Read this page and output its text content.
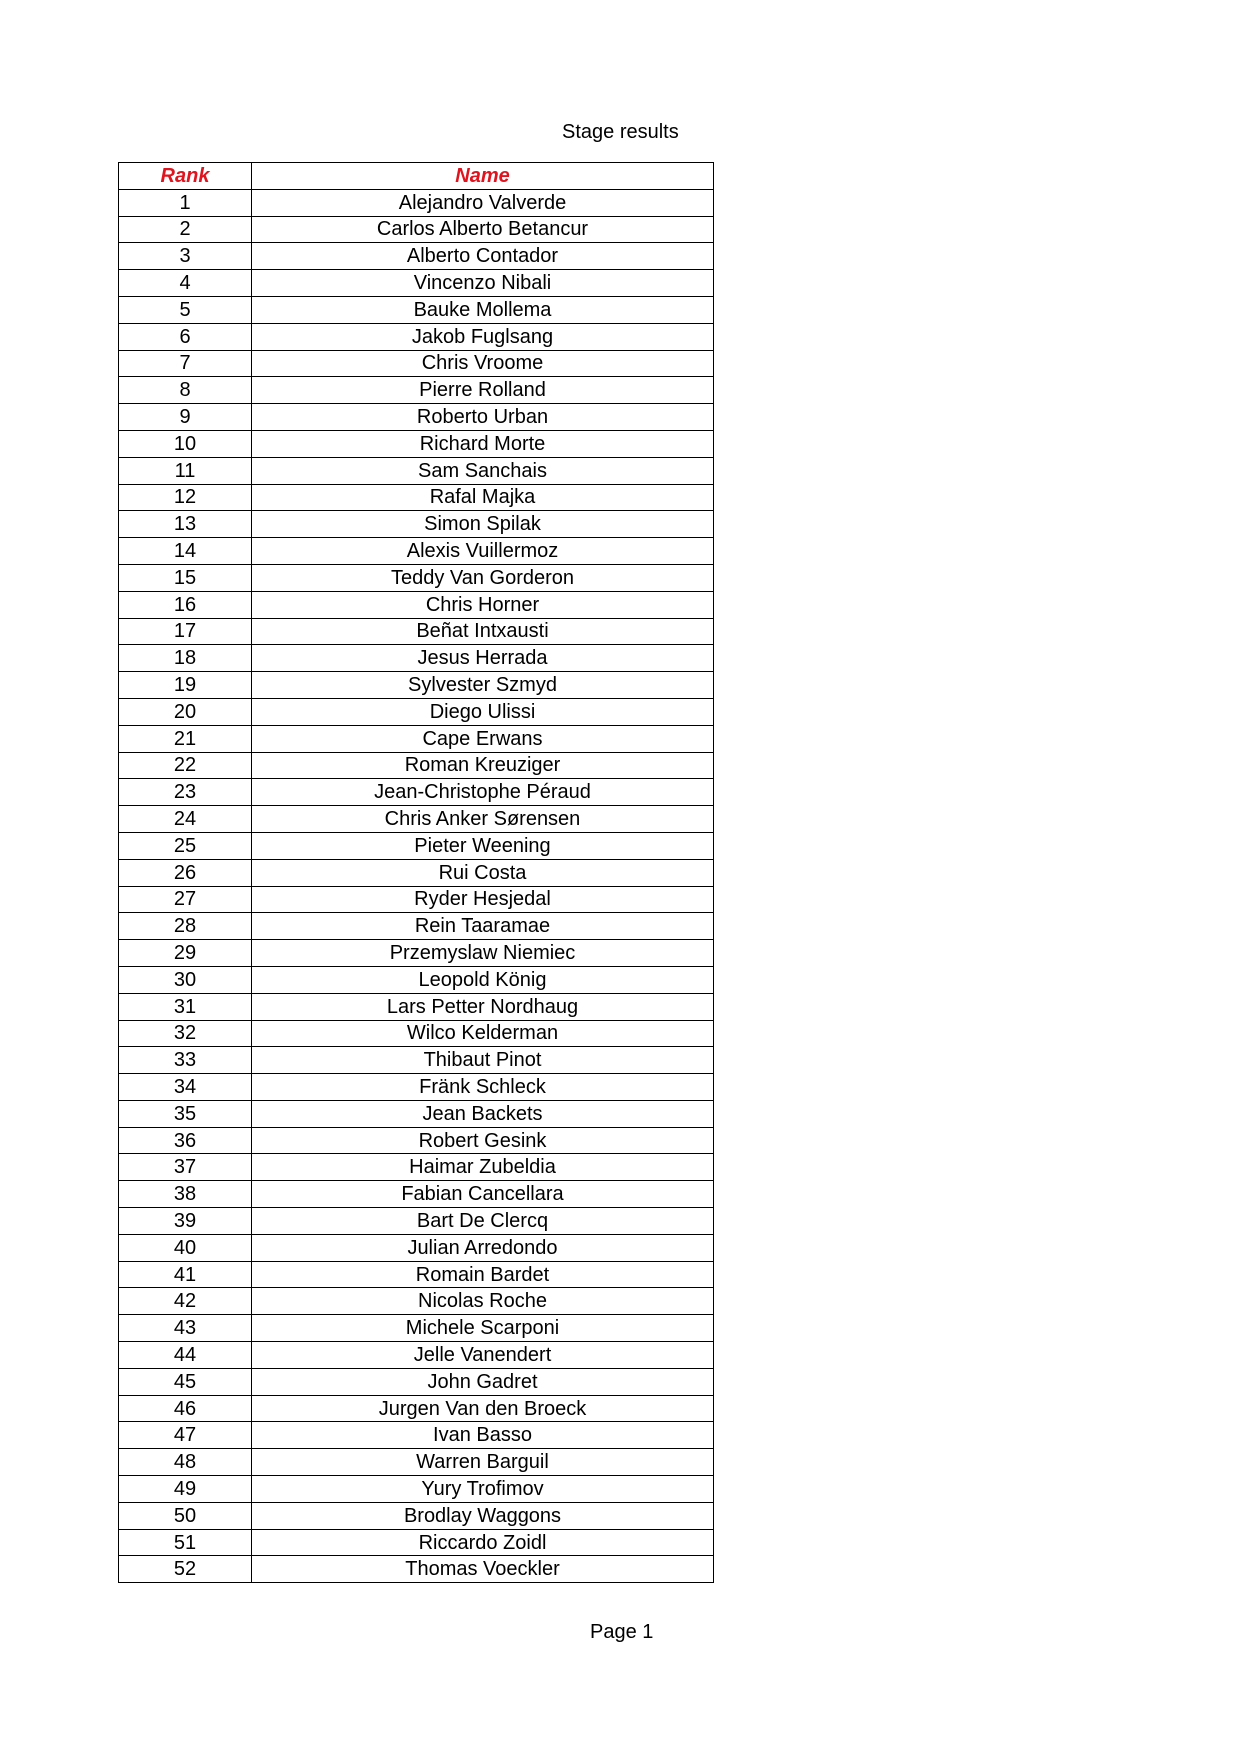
Stage results
Rank	Name
1	Alejandro Valverde
2	Carlos Alberto Betancur
3	Alberto Contador
4	Vincenzo Nibali
5	Bauke Mollema
6	Jakob Fuglsang
7	Chris Vroome
8	Pierre Rolland
9	Roberto Urban
10	Richard Morte
11	Sam Sanchais
12	Rafal Majka
13	Simon Spilak
14	Alexis Vuillermoz
15	Teddy Van Gorderon
16	Chris Horner
17	Beñat Intxausti
18	Jesus Herrada
19	Sylvester Szmyd
20	Diego Ulissi
21	Cape Erwans
22	Roman Kreuziger
23	Jean-Christophe Péraud
24	Chris Anker Sørensen
25	Pieter Weening
26	Rui Costa
27	Ryder Hesjedal
28	Rein Taaramae
29	Przemyslaw Niemiec
30	Leopold König
31	Lars Petter Nordhaug
32	Wilco Kelderman
33	Thibaut Pinot
34	Fränk Schleck
35	Jean Backets
36	Robert Gesink
37	Haimar Zubeldia
38	Fabian Cancellara
39	Bart De Clercq
40	Julian Arredondo
41	Romain Bardet
42	Nicolas Roche
43	Michele Scarponi
44	Jelle Vanendert
45	John Gadret
46	Jurgen Van den Broeck
47	Ivan Basso
48	Warren Barguil
49	Yury Trofimov
50	Brodlay Waggons
51	Riccardo Zoidl
52	Thomas Voeckler
Page 1
